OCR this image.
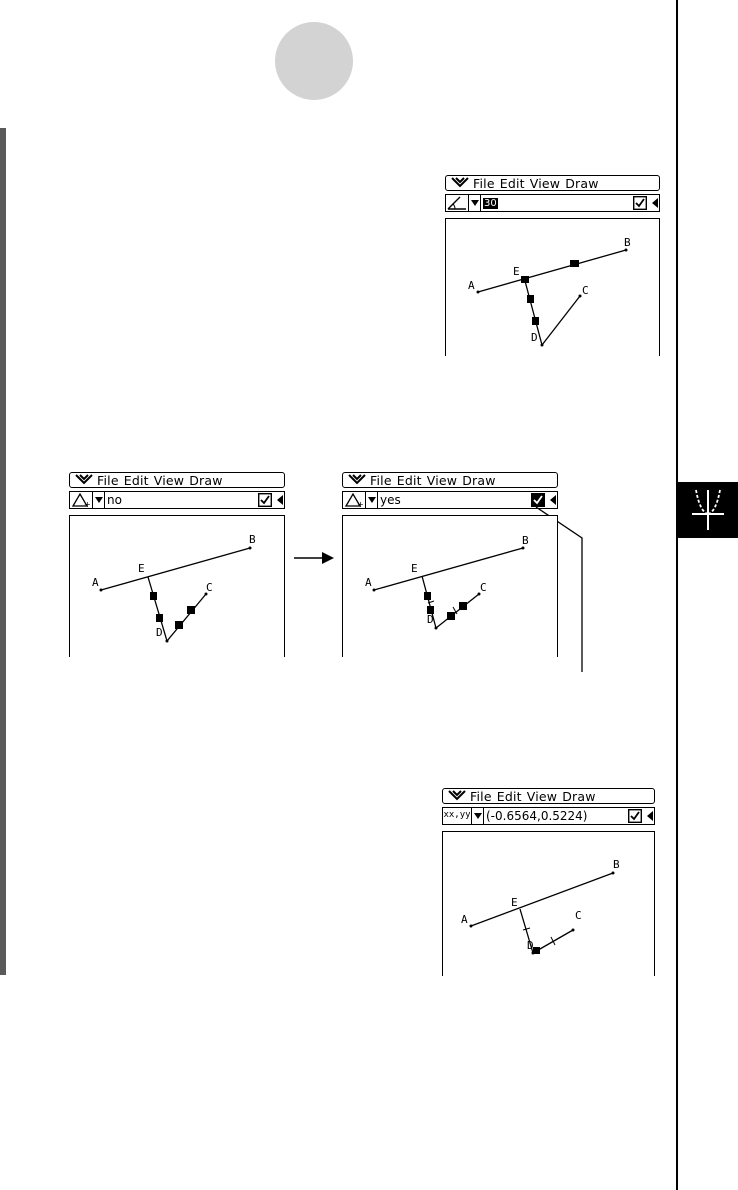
File Edit View Draw
30
A
B
C
D
E
File Edit View Draw
+ no
A
B
C
D
E
File Edit View Draw
+ yes
A
B
C
D
E
File Edit View Draw
xx,yy (-0.6564,0.5224)
A
B
C
D
E
